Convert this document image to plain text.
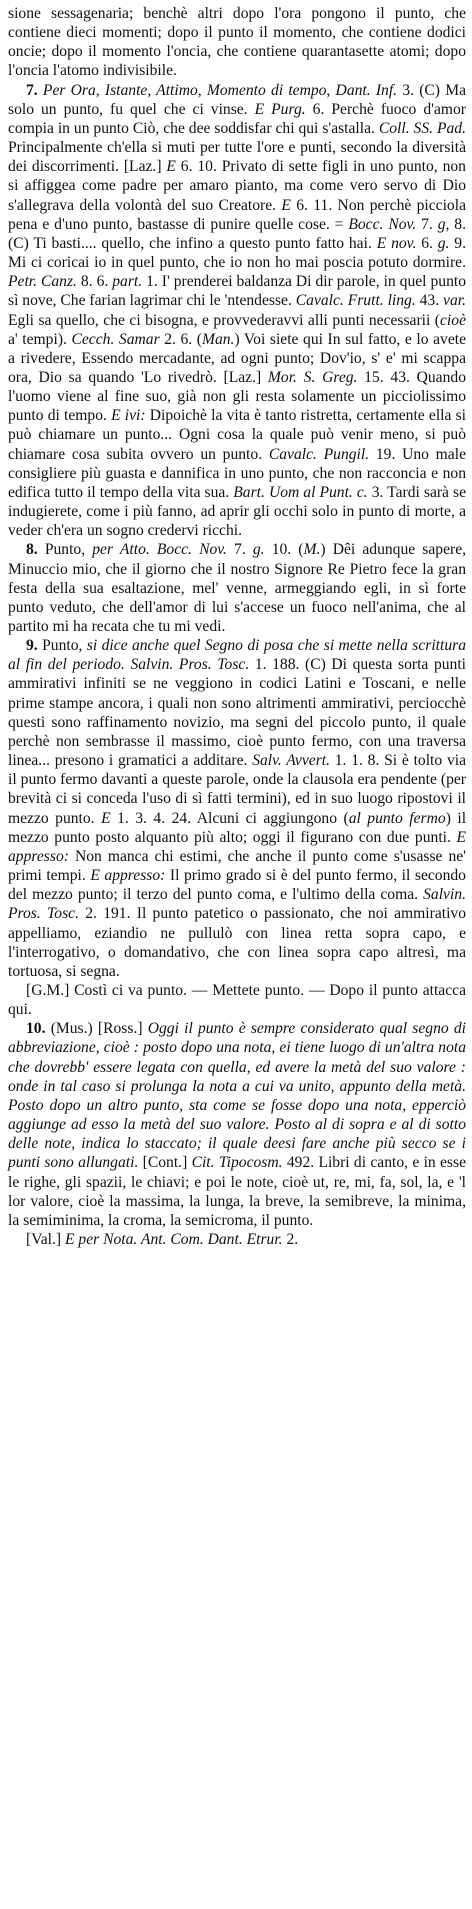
sione sessagenaria; benchè altri dopo l'ora pongono il punto, che contiene dieci momenti; dopo il punto il momento, che contiene dodici oncie; dopo il momento l'oncia, che contiene quarantasette atomi; dopo l'oncia l'atomo indivisibile.

7. Per Ora, Istante, Attimo, Momento di tempo, Dant. Inf. 3. (C) Ma solo un punto, fu quel che ci vinse. E Purg. 6. Perchè fuoco d'amor compia in un punto Ciò, che dee soddisfar chi qui s'astalla. Coll. SS. Pad. Principalmente ch'ella si muti per tutte l'ore e punti, secondo la diversità dei discorrimenti. [Laz.] E 6. 10. Privato di sette figli in uno punto, non si affiggea come padre per amaro pianto, ma come vero servo di Dio s'allegrava della volontà del suo Creatore. E 6. 11. Non perchè picciola pena e d'uno punto, bastasse di punire quelle cose. = Bocc. Nov. 7. g, 8. (C) Ti basti.... quello, che infino a questo punto fatto hai. E nov. 6. g. 9. Mi ci coricai io in quel punto, che io non ho mai poscia potuto dormire. Petr. Canz. 8. 6. part. 1. I' prenderei baldanza Di dir parole, in quel punto sì nove, Che farian lagrimar chi le 'ntendesse. Cavalc. Frutt. ling. 43. var. Egli sa quello, che ci bisogna, e provvederavvi alli punti necessarii (cioè a' tempi). Cecch. Samar 2. 6. (Man.) Voi siete qui In sul fatto, e lo avete a rivedere, Essendo mercadante, ad ogni punto; Dov'io, s' e' mi scappa ora, Dio sa quando 'Lo rivedrò. [Laz.] Mor. S. Greg. 15. 43. Quando l'uomo viene al fine suo, già non gli resta solamente un picciolissimo punto di tempo. E ivi: Dipoichè la vita è tanto ristretta, certamente ella si può chiamare un punto... Ogni cosa la quale può venir meno, si può chiamare cosa subita ovvero un punto. Cavalc. Pungil. 19. Uno male consigliere più guasta e dannifica in uno punto, che non racconcia e non edifica tutto il tempo della vita sua. Bart. Uom al Punt. c. 3. Tardi sarà se indugierete, come i più fanno, ad aprir gli occhi solo in punto di morte, a veder ch'era un sogno credervi ricchi.

8. Punto, per Atto. Bocc. Nov. 7. g. 10. (M.) Dêi adunque sapere, Minuccio mio, che il giorno che il nostro Signore Re Pietro fece la gran festa della sua esaltazione, mel' venne, armeggiando egli, in sì forte punto veduto, che dell'amor di lui s'accese un fuoco nell'anima, che al partito mi ha recata che tu mi vedi.

9. Punto, si dice anche quel Segno di posa che si mette nella scrittura al fin del periodo. Salvin. Pros. Tosc. 1. 188. (C) Di questa sorta punti ammirativi infiniti se ne veggiono in codici Latini e Toscani, e nelle prime stampe ancora, i quali non sono altrimenti ammirativi, perciocchè questi sono raffinamento novizio, ma segni del piccolo punto, il quale perchè non sembrasse il massimo, cioè punto fermo, con una traversa linea... presono i gramatici a additare. Salv. Avvert. 1. 1. 8. Si è tolto via il punto fermo davanti a queste parole, onde la clausola era pendente (per brevità ci si conceda l'uso di sì fatti termini), ed in suo luogo ripostovi il mezzo punto. E 1. 3. 4. 24. Alcuni ci aggiungono (al punto fermo) il mezzo punto posto alquanto più alto; oggi il figurano con due punti. E appresso: Non manca chi estimi, che anche il punto come s'usasse ne' primi tempi. E appresso: Il primo grado si è del punto fermo, il secondo del mezzo punto; il terzo del punto coma, e l'ultimo della coma. Salvin. Pros. Tosc. 2. 191. Il punto patetico o passionato, che noi ammirativo appelliamo, eziandio ne pullulò con linea retta sopra capo, e l'interrogativo, o domandativo, che con linea sopra capo altresì, ma tortuosa, si segna.

[G.M.] Costì ci va punto. — Mettete punto. — Dopo il punto attacca qui.

10. (Mus.) [Ross.] Oggi il punto è sempre considerato qual segno di abbreviazione, cioè : posto dopo una nota, ei tiene luogo di un'altra nota che dovrebb' essere legata con quella, ed avere la metà del suo valore : onde in tal caso si prolunga la nota a cui va unito, appunto della metà. Posto dopo un altro punto, sta come se fosse dopo una nota, epperciò aggiunge ad esso la metà del suo valore. Posto al di sopra e al di sotto delle note, indica lo staccato; il quale deesi fare anche più secco se i punti sono allungati. [Cont.] Cit. Tipocosm. 492. Libri di canto, e in esse le righe, gli spazii, le chiavi; e poi le note, cioè ut, re, mi, fa, sol, la, e 'l lor valore, cioè la massima, la lunga, la breve, la semibreve, la minima, la semiminima, la croma, la semicroma, il punto.

[Val.] E per Nota. Ant. Com. Dant. Etrur. 2.
